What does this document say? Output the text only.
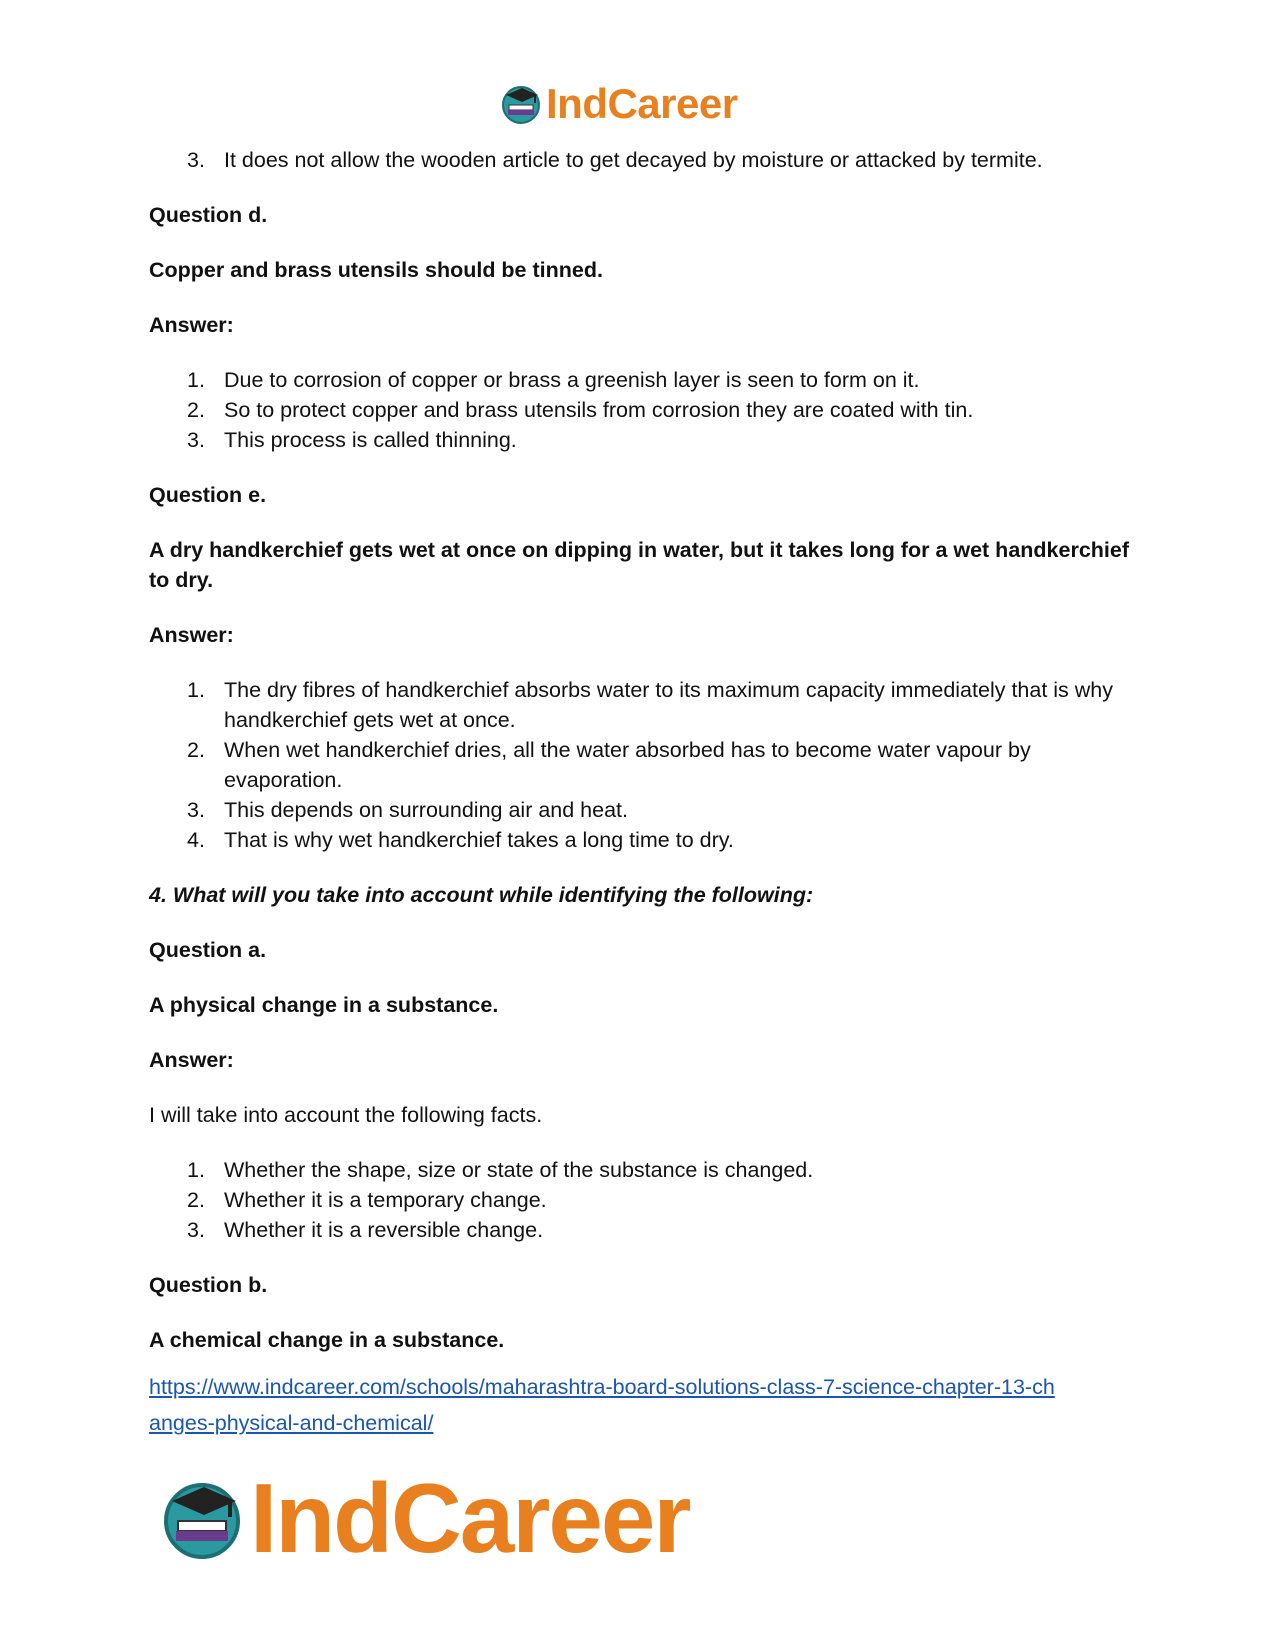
IndCareer
3. It does not allow the wooden article to get decayed by moisture or attacked by termite.

Question d.

Copper and brass utensils should be tinned.

Answer:

1. Due to corrosion of copper or brass a greenish layer is seen to form on it.
2. So to protect copper and brass utensils from corrosion they are coated with tin.
3. This process is called thinning.

Question e.

A dry handkerchief gets wet at once on dipping in water, but it takes long for a wet handkerchief to dry.

Answer:

1. The dry fibres of handkerchief absorbs water to its maximum capacity immediately that is why handkerchief gets wet at once.
2. When wet handkerchief dries, all the water absorbed has to become water vapour by evaporation.
3. This depends on surrounding air and heat.
4. That is why wet handkerchief takes a long time to dry.

4. What will you take into account while identifying the following:

Question a.

A physical change in a substance.

Answer:

I will take into account the following facts.

1. Whether the shape, size or state of the substance is changed.
2. Whether it is a temporary change.
3. Whether it is a reversible change.

Question b.

A chemical change in a substance.

https://www.indcareer.com/schools/maharashtra-board-solutions-class-7-science-chapter-13-ch
anges-physical-and-chemical/
IndCareer
